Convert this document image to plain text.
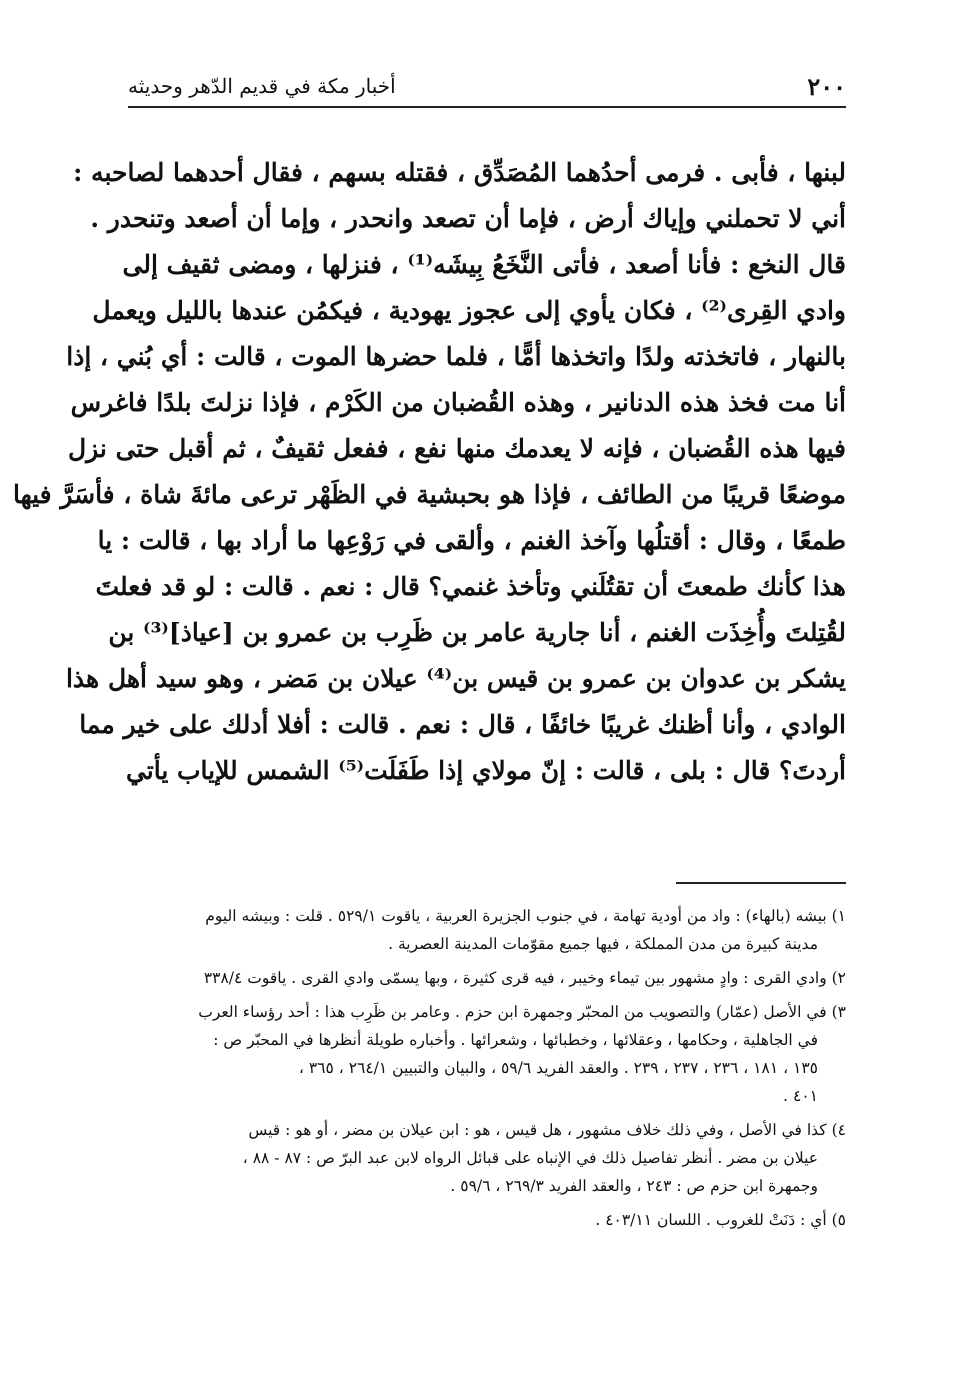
٢٠٠
أخبار مكة في قديم الدّهر وحديثه
لبنها ، فأبى . فرمى أحدُهما المُصَدِّق ، فقتله بسهم ، فقال أحدهما لصاحبه :
أني لا تحملني وإياك أرض ، فإما أن تصعد وانحدر ، وإما أن أصعد وتنحدر .
قال النخع : فأنا أصعد ، فأتى النَّخَعُ بِيشَه⁽¹⁾ ، فنزلها ، ومضى ثقيف إلى
وادي القِرى⁽²⁾ ، فكان يأوي إلى عجوز يهودية ، فيكمُن عندها بالليل ويعمل
بالنهار ، فاتخذته ولدًا واتخذها أمًّا ، فلما حضرها الموت ، قالت : أي بُني ، إذا
أنا مت فخذ هذه الدنانير ، وهذه القُضبان من الكَرْم ، فإذا نزلتَ بلدًا فاغرس
فيها هذه القُضبان ، فإنه لا يعدمك منها نفع ، ففعل ثقيفٌ ، ثم أقبل حتى نزل
موضعًا قريبًا من الطائف ، فإذا هو بحبشية في الظَهْر ترعى مائةَ شاة ، فأسَرَّ فيها
طمعًا ، وقال : أقتلُها وآخذ الغنم ، وألقى في رَوْعِها ما أراد بها ، قالت : يا
هذا كأنك طمعتَ أن تقتُلَني وتأخذ غنمي؟ قال : نعم . قالت : لو قد فعلتَ
لقُتِلتَ وأُخِذَت الغنم ، أنا جارية عامر بن ظَرِب بن عمرو بن [عياذ]⁽³⁾ بن
يشكر بن عدوان بن عمرو بن قيس بن⁽⁴⁾ عيلان بن مَضر ، وهو سيد أهل هذا
الوادي ، وأنا أظنك غريبًا خائفًا ، قال : نعم . قالت : أفلا أدلك على خير مما
أردتَ؟ قال : بلى ، قالت : إنّ مولاي إذا طَفَلَت⁽⁵⁾ الشمس للإياب يأتي
١) بيشه (بالهاء) : واد من أودية تهامة ، في جنوب الجزيرة العربية ، ياقوت ٥٢٩/١ . قلت : وبيشه اليوم
مدينة كبيرة من مدن المملكة ، فيها جميع مقوّمات المدينة العصرية .
٢) وادي القرى : وادٍ مشهور بين تيماء وخيبر ، فيه قرى كثيرة ، وبها يسمّى وادي القرى . ياقوت ٣٣٨/٤
٣) في الأصل (عمّار) والتصويب من المحبّر وجمهرة ابن حزم . وعامر بن ظَرِب هذا : أحد رؤساء العرب
في الجاهلية ، وحكامها ، وعقلائها ، وخطبائها ، وشعرائها . وأخباره طويلة أنظرها في المحبّر ص :
١٣٥ ، ١٨١ ، ٢٣٦ ، ٢٣٧ ، ٢٣٩ . والعقد الفريد ٥٩/٦ ، والبيان والتبيين ٢٦٤/١ ، ٣٦٥ ،
٤٠١ .
٤) كذا في الأصل ، وفي ذلك خلاف مشهور ، هل قيس ، هو : ابن عيلان بن مضر ، أو هو : قيس
عيلان بن مضر . أنظر تفاصيل ذلك في الإنباه على قبائل الرواه لابن عبد البرّ ص : ٨٧ - ٨٨ ،
وجمهرة ابن حزم ص : ٢٤٣ ، والعقد الفريد ٢٦٩/٣ ، ٥٩/٦ .
٥) أي : دَنَتْ للغروب . اللسان ٤٠٣/١١ .
